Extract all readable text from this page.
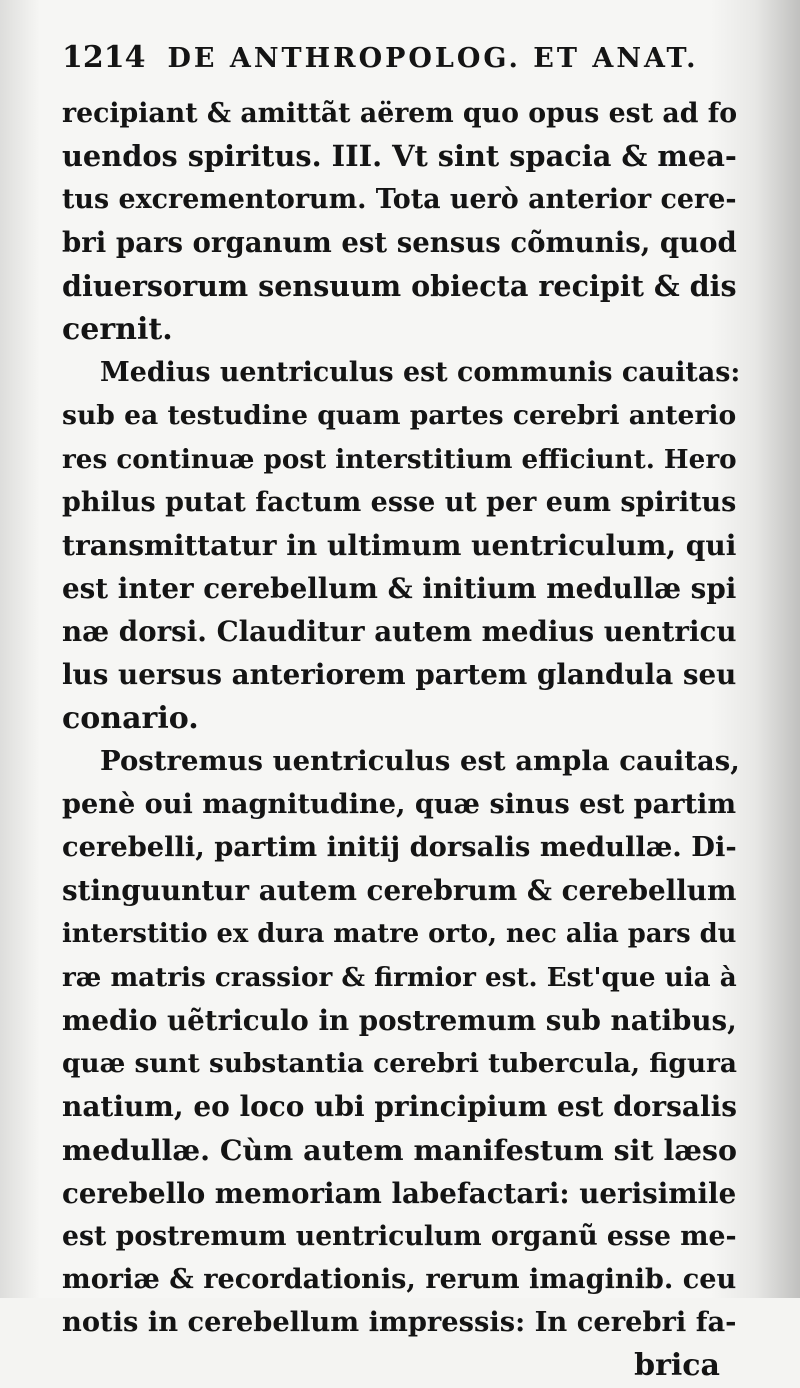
1214 DE ANTHROPOLOG. ET ANAT.
recipiant & amittãt aërem quo opus est ad fo
uendos spiritus. III. Vt sint spacia & mea-
tus excrementorum. Tota uerò anterior cere-
bri pars organum est sensus cõmunis, quod
diuersorum sensuum obiecta recipit & dis
cernit.
Medius uentriculus est communis cauitas:
sub ea testudine quam partes cerebri anterio
res continuæ post interstitium efficiunt. Hero
philus putat factum esse ut per eum spiritus
transmittatur in ultimum uentriculum, qui
est inter cerebellum & initium medullæ spi
næ dorsi. Clauditur autem medius uentricu
lus uersus anteriorem partem glandula seu
conario.
Postremus uentriculus est ampla cauitas,
penè oui magnitudine, quæ sinus est partim
cerebelli, partim initij dorsalis medullæ. Di-
stinguuntur autem cerebrum & cerebellum
interstitio ex dura matre orto, nec alia pars du
ræ matris crassior & firmior est. Est'que uia à
medio uẽtriculo in postremum sub natibus,
quæ sunt substantia cerebri tubercula, figura
natium, eo loco ubi principium est dorsalis
medullæ. Cùm autem manifestum sit læso
cerebello memoriam labefactari: uerisimile
est postremum uentriculum organũ esse me-
moriæ & recordationis, rerum imaginib. ceu
notis in cerebellum impressis: In cerebri fa-
brica
